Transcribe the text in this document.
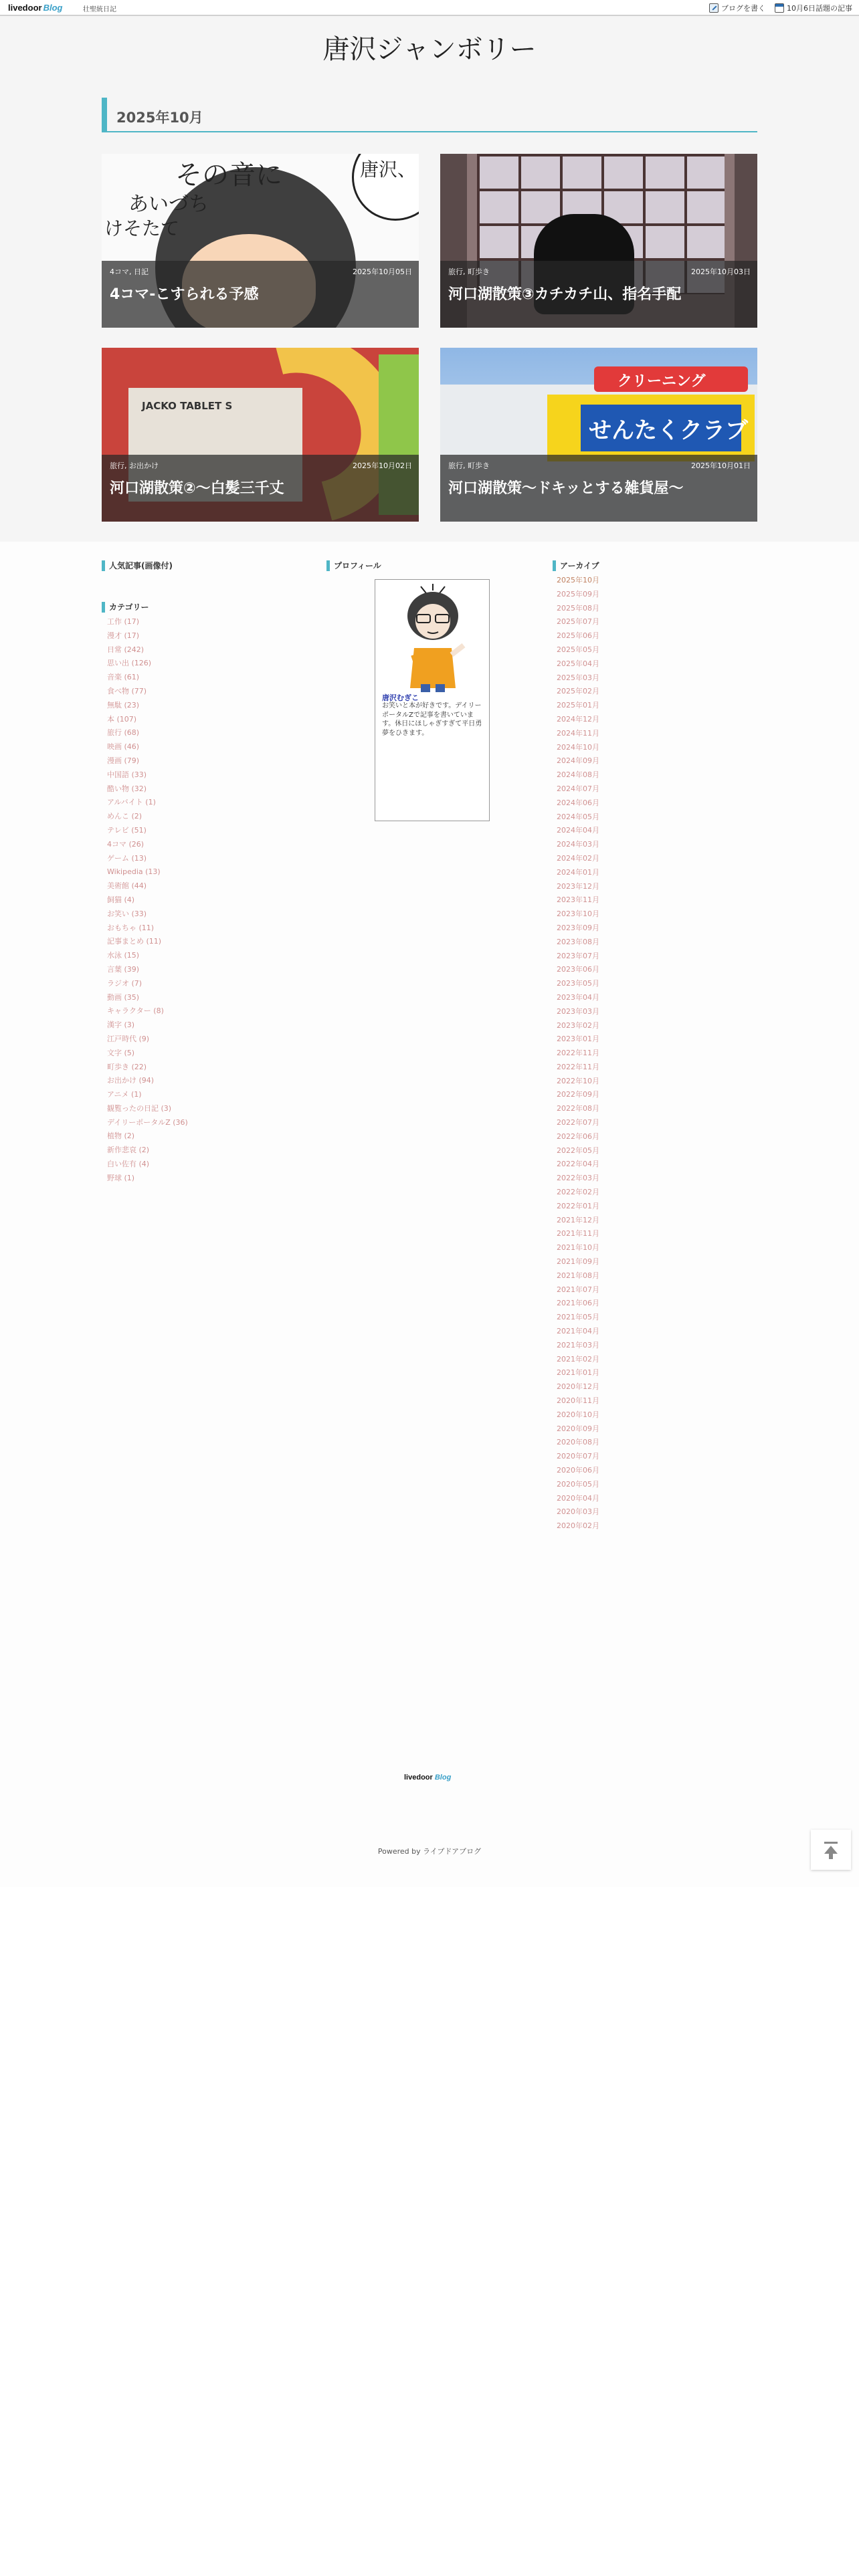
livedoor Blog	壮聖統日記	ブログを書く	10月6日話題の記事
唐沢ジャンボリー
2025年10月
その音に
あいづち
けそたて
唐沢、
4コマ, 日記	2025年10月05日
4コマ-こすられる予感
旅行, 町歩き	2025年10月03日
河口湖散策③カチカチ山、指名手配
JACKO TABLET S
旅行, お出かけ	2025年10月02日
河口湖散策②〜白髪三千丈
クリーニング
せんたくクラブ
旅行, 町歩き	2025年10月01日
河口湖散策〜ドキッとする雑貨屋〜
人気記事(画像付)
カテゴリー
工作 (17)
漫才 (17)
日常 (242)
思い出 (126)
音楽 (61)
食べ物 (77)
無駄 (23)
本 (107)
旅行 (68)
映画 (46)
漫画 (79)
中国語 (33)
酷い物 (32)
アルバイト (1)
めんこ (2)
テレビ (51)
4コマ (26)
ゲーム (13)
Wikipedia (13)
美術館 (44)
飼猫 (4)
お笑い (33)
おもちゃ (11)
記事まとめ (11)
水泳 (15)
言葉 (39)
ラジオ (7)
動画 (35)
キャラクター (8)
漢字 (3)
江戸時代 (9)
文字 (5)
町歩き (22)
お出かけ (94)
アニメ (1)
観覧ったの日記 (3)
デイリーポータルZ (36)
植物 (2)
新作悲哀 (2)
白い佐有 (4)
野球 (1)
プロフィール
唐沢むぎこ
お笑いと本が好きです。デイリーポータルZで記事を書いています。休日にほしゃぎすぎて平日勇夢をひきます。
アーカイブ
2025年10月
2025年09月
2025年08月
2025年07月
2025年06月
2025年05月
2025年04月
2025年03月
2025年02月
2025年01月
2024年12月
2024年11月
2024年10月
2024年09月
2024年08月
2024年07月
2024年06月
2024年05月
2024年04月
2024年03月
2024年02月
2024年01月
2023年12月
2023年11月
2023年10月
2023年09月
2023年08月
2023年07月
2023年06月
2023年05月
2023年04月
2023年03月
2023年02月
2023年01月
2022年11月
2022年11月
2022年10月
2022年09月
2022年08月
2022年07月
2022年06月
2022年05月
2022年04月
2022年03月
2022年02月
2022年01月
2021年12月
2021年11月
2021年10月
2021年09月
2021年08月
2021年07月
2021年06月
2021年05月
2021年04月
2021年03月
2021年02月
2021年01月
2020年12月
2020年11月
2020年10月
2020年09月
2020年08月
2020年07月
2020年06月
2020年05月
2020年04月
2020年03月
2020年02月
livedoor Blog
Powered by ライブドアブログ
